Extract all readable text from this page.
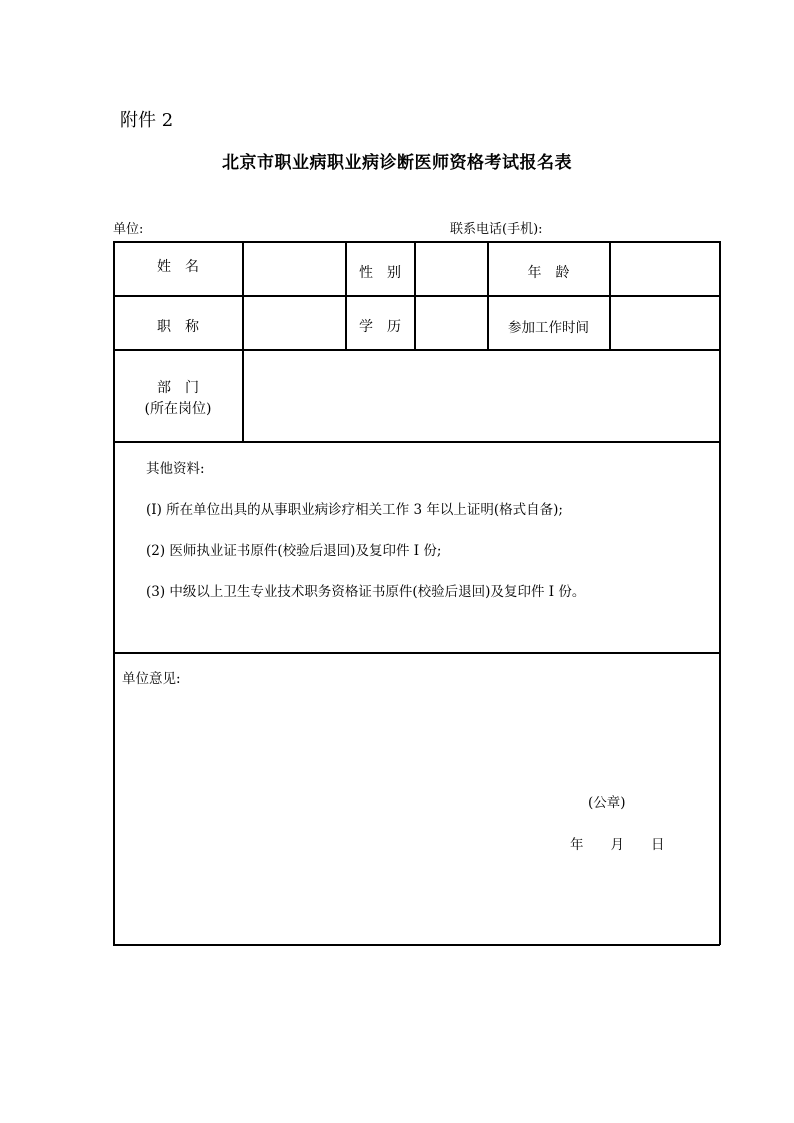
附件 2
北京市职业病职业病诊断医师资格考试报名表
单位:	联系电话(手机):
姓　名	性　别	年　龄
职　称	学　历	参加工作时间
部　门
(所在岗位)
其他资料:
(I) 所在单位出具的从事职业病诊疗相关工作 3 年以上证明(格式自备);
(2) 医师执业证书原件(校验后退回)及复印件 I 份;
(3) 中级以上卫生专业技术职务资格证书原件(校验后退回)及复印件 I 份。
单位意见:
(公章)
年　　月　　日
